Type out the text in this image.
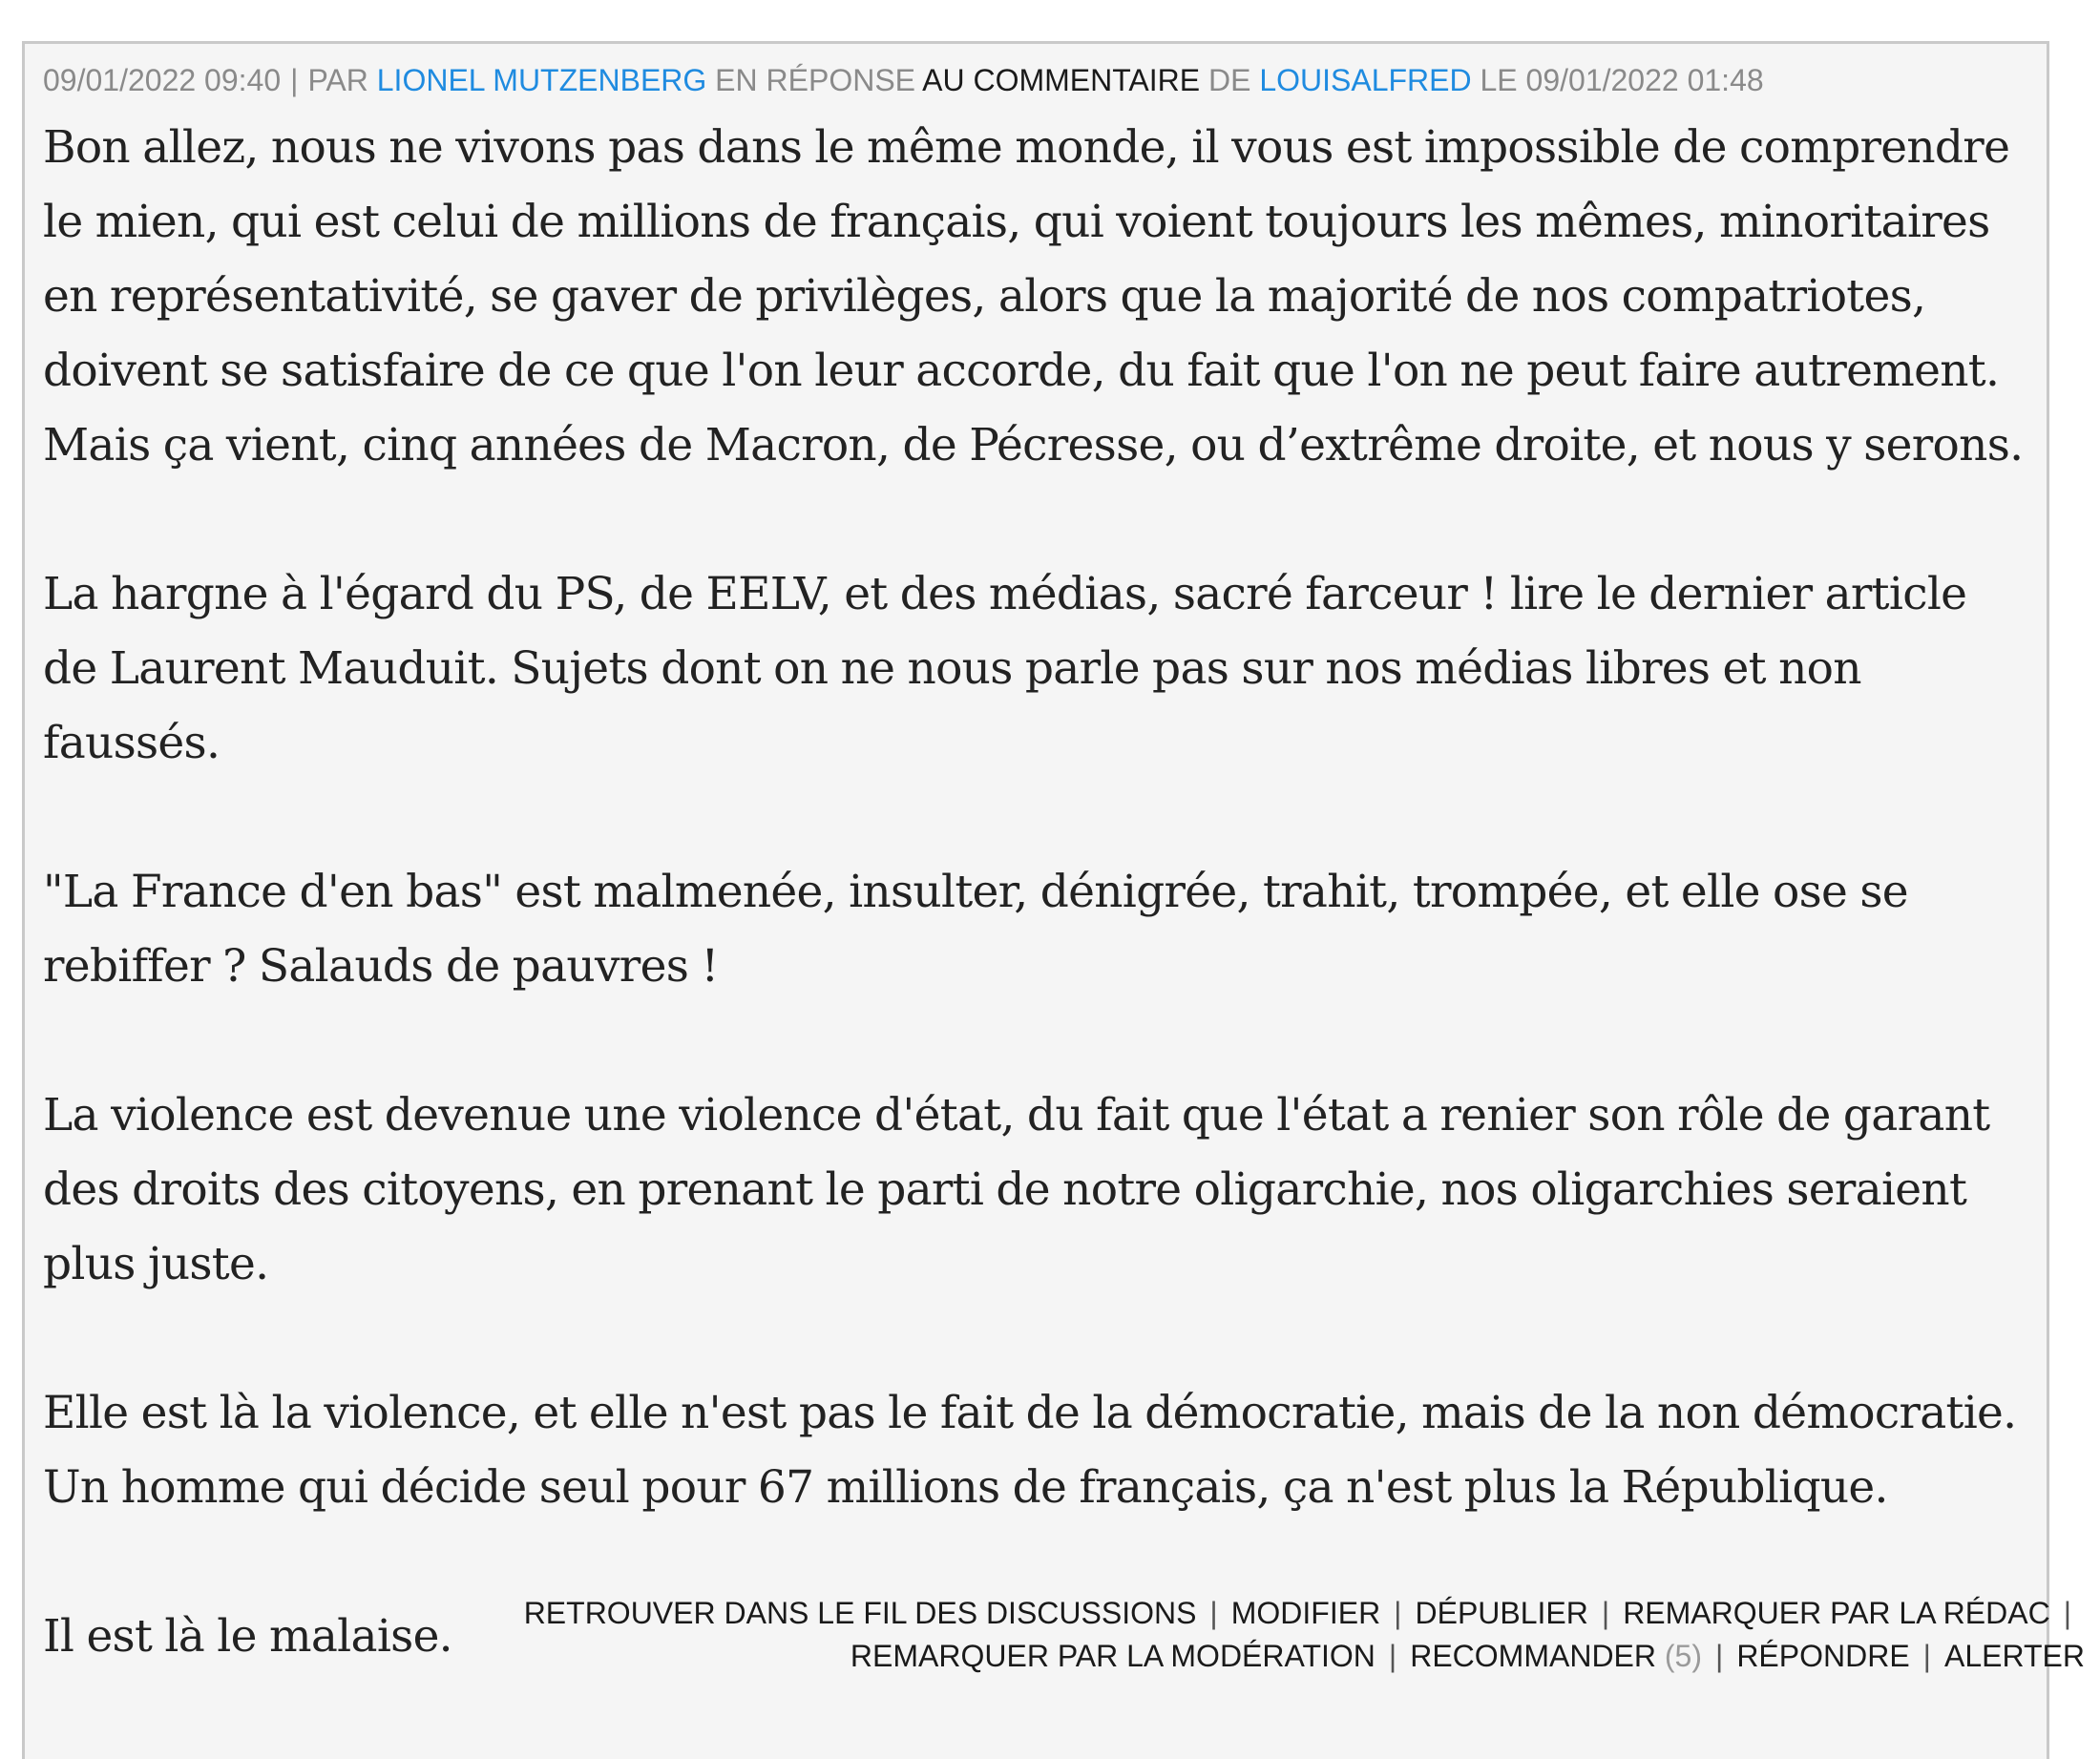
09/01/2022 09:40 | PAR LIONEL MUTZENBERG EN RÉPONSE AU COMMENTAIRE DE LOUISALFRED LE 09/01/2022 01:48

Bon allez, nous ne vivons pas dans le même monde, il vous est impossible de comprendre le mien, qui est celui de millions de français, qui voient toujours les mêmes, minoritaires en représentativité, se gaver de privilèges, alors que la majorité de nos compatriotes, doivent se satisfaire de ce que l'on leur accorde, du fait que l'on ne peut faire autrement. Mais ça vient, cinq années de Macron, de Pécresse, ou d’extrême droite, et nous y serons.

La hargne à l'égard du PS, de EELV, et des médias, sacré farceur ! lire le dernier article de Laurent Mauduit. Sujets dont on ne nous parle pas sur nos médias libres et non faussés.

"La France d'en bas" est malmenée, insulter, dénigrée, trahit, trompée, et elle ose se rebiffer ? Salauds de pauvres !

La violence est devenue une violence d'état, du fait que l'état a renier son rôle de garant des droits des citoyens, en prenant le parti de notre oligarchie, nos oligarchies seraient plus juste.

Elle est là la violence, et elle n'est pas le fait de la démocratie, mais de la non démocratie. Un homme qui décide seul pour 67 millions de français, ça n'est plus la République.

Il est là le malaise.	RETROUVER DANS LE FIL DES DISCUSSIONS | MODIFIER | DÉPUBLIER | REMARQUER PAR LA RÉDAC |
REMARQUER PAR LA MODÉRATION | RECOMMANDER (5) | RÉPONDRE | ALERTER
